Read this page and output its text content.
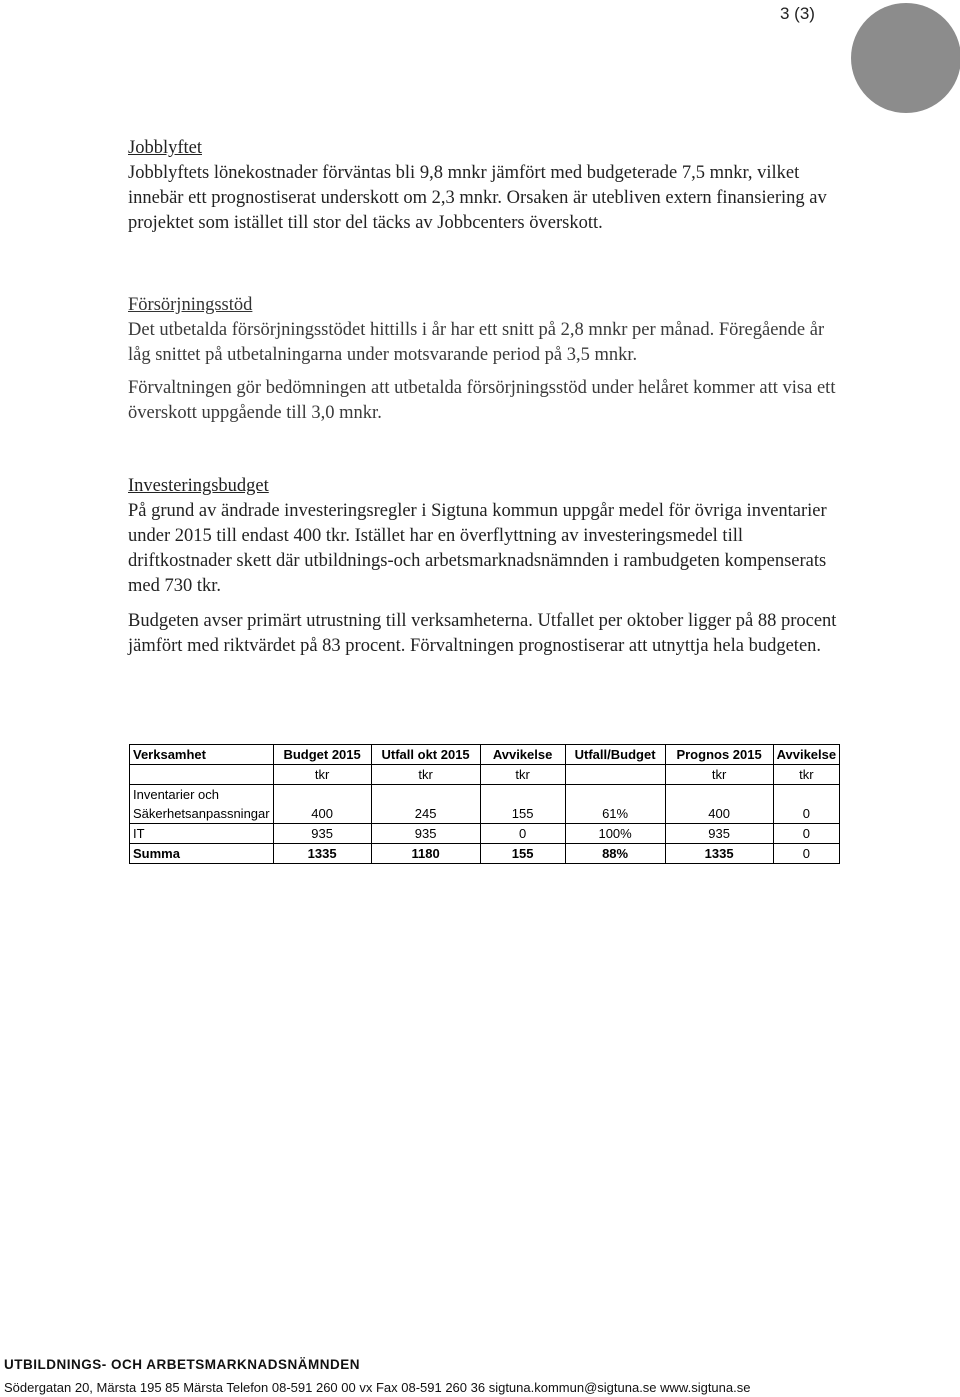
3 (3)

Jobblyftet

Jobblyftets lönekostnader förväntas bli 9,8 mnkr jämfört med budgeterade 7,5 mnkr, vilket innebär ett prognostiserat underskott om 2,3 mnkr. Orsaken är utebliven extern finansiering av projektet som istället till stor del täcks av Jobbcenters överskott.

Försörjningsstöd

Det utbetalda försörjningsstödet hittills i år har ett snitt på 2,8 mnkr per månad. Föregående år låg snittet på utbetalningarna under motsvarande period på 3,5 mnkr.

Förvaltningen gör bedömningen att utbetalda försörjningsstöd under helåret kommer att visa ett överskott uppgående till 3,0 mnkr.

Investeringsbudget

På grund av ändrade investeringsregler i Sigtuna kommun uppgår medel för övriga inventarier under 2015 till endast 400 tkr. Istället har en överflyttning av investeringsmedel till driftkostnader skett där utbildnings-och arbetsmarknadsnämnden i rambudgeten kompenserats med 730 tkr.

Budgeten avser primärt utrustning till verksamheterna. Utfallet per oktober ligger på 88 procent jämfört med riktvärdet på 83 procent. Förvaltningen prognostiserar att utnyttja hela budgeten.

Verksamhet	Budget 2015	Utfall okt 2015	Avvikelse	Utfall/Budget	Prognos 2015	Avvikelse
	tkr	tkr	tkr		tkr	tkr
Inventarier och						
Säkerhetsanpassningar	400	245	155	61%	400	0
IT	935	935	0	100%	935	0
Summa	1335	1180	155	88%	1335	0
UTBILDNINGS- OCH ARBETSMARKNADSNÄMNDEN
Södergatan 20, Märsta 195 85 Märsta Telefon 08-591 260 00 vx Fax 08-591 260 36 sigtuna.kommun@sigtuna.se www.sigtuna.se
